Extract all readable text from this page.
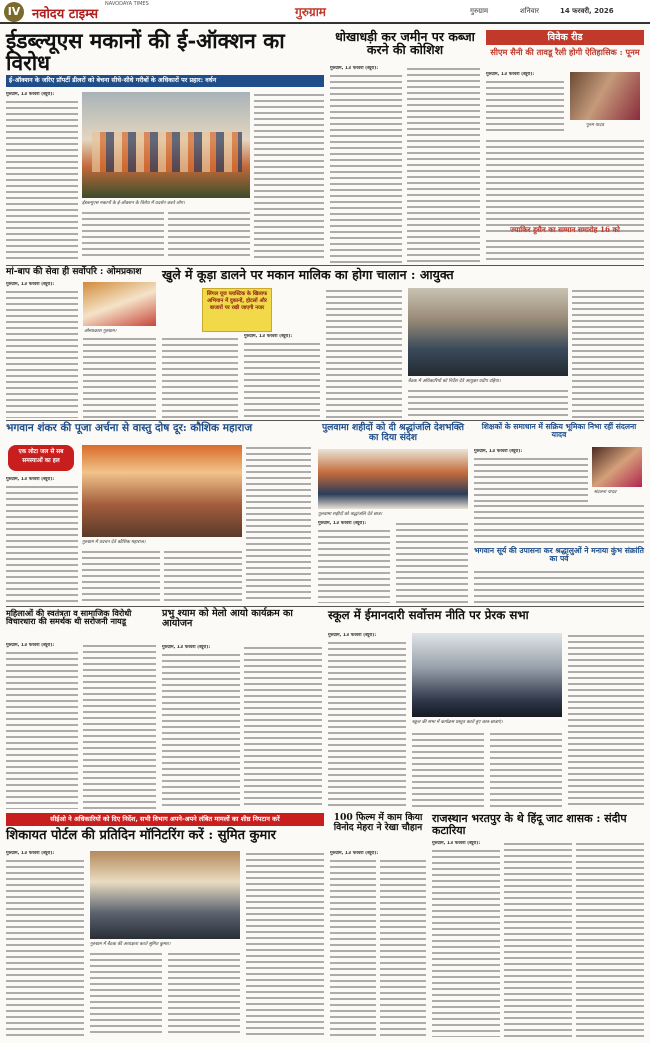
IV नवोदय टाइम्स
NAVODAYA TIMES
गुरुग्राम	गुरुग्राम	शनिवार	14 फरवरी, 2026
ईडब्ल्यूएस मकानों की ई-ऑक्शन का विरोध
ई-ऑक्शन के जरिए प्रॉपर्टी डीलरों को बेचना सीधे-सीधे गरीबों के अधिकारों पर प्रहार: वर्धन
गुरुग्राम, 13 फरवरी (ब्यूरो):
ईडब्ल्यूएस मकानों के ई-ऑक्शन के विरोध में प्रदर्शन करते लोग।
धोखाधड़ी कर जमीन पर कब्जा करने की कोशिश
गुरुग्राम, 13 फरवरी (ब्यूरो):
विवेक रीड
सीएम सैनी की तावडू रैली होगी ऐतिहासिक : पूनम
गुरुग्राम, 13 फरवरी (ब्यूरो):
पूनम यादव
ज्याकिर हुसैन का सम्मान समारोह 16 को
मां-बाप की सेवा ही सर्वोपरि : ओमप्रकाश
गुरुग्राम, 13 फरवरी (ब्यूरो):
ओमप्रकाश गुरुग्राम।
खुले में कूड़ा डालने पर मकान मालिक का होगा चालान : आयुक्त
सिंगल यूज प्लास्टिक के खिलाफ अभियान में दुकानों, होटलों और बाजारों पर रखी जाएगी नजर
गुरुग्राम, 13 फरवरी (ब्यूरो):
बैठक में अधिकारियों को निर्देश देते आयुक्त प्रदीप दहिया।
भगवान शंकर की पूजा अर्चना से वास्तु दोष दूर: कौशिक महाराज
एक लोटा जल से सब समस्याओं का हल
गुरुग्राम, 13 फरवरी (ब्यूरो):
गुरुग्राम में प्रवचन देते कौशिक महाराज।
पुलवामा शहीदों को दी श्रद्धांजलि देशभक्ति का दिया संदेश
पुलवामा शहीदों को श्रद्धांजलि देते छात्र।
गुरुग्राम, 13 फरवरी (ब्यूरो):
शिक्षकों के समाधान में सक्रिय भूमिका निभा रहीं संदलना यादव
गुरुग्राम, 13 फरवरी (ब्यूरो):
संदलना यादव
भगवान सूर्य की उपासना कर श्रद्धालुओं ने मनाया कुंभ संक्रांति का पर्व
महिलाओं की स्वतंत्रता व सामाजिक विरोधी विचारधारा की समर्थक थी सरोजनी नायडू
गुरुग्राम, 13 फरवरी (ब्यूरो):
प्रभु श्याम को मेलो आयो कार्यक्रम का आयोजन
गुरुग्राम, 13 फरवरी (ब्यूरो):
स्कूल में ईमानदारी सर्वोत्तम नीति पर प्रेरक सभा
गुरुग्राम, 13 फरवरी (ब्यूरो):
स्कूल की सभा में कार्यक्रम प्रस्तुत करते हुए छात्र-छात्राएं।
सीईओ ने अधिकारियों को दिए निर्देश, सभी विभाग अपने-अपने लंबित मामलों का शीघ्र निपटान करें
शिकायत पोर्टल की प्रतिदिन मॉनिटरिंग करें : सुमित कुमार
गुरुग्राम, 13 फरवरी (ब्यूरो):
गुरुग्राम में बैठक की अध्यक्षता करते सुमित कुमार।
100 फिल्म में काम किया विनोद मेहरा ने रेखा चौहान
गुरुग्राम, 13 फरवरी (ब्यूरो):
राजस्थान भरतपुर के थे हिंदू जाट शासक : संदीप कटारिया
गुरुग्राम, 13 फरवरी (ब्यूरो):
